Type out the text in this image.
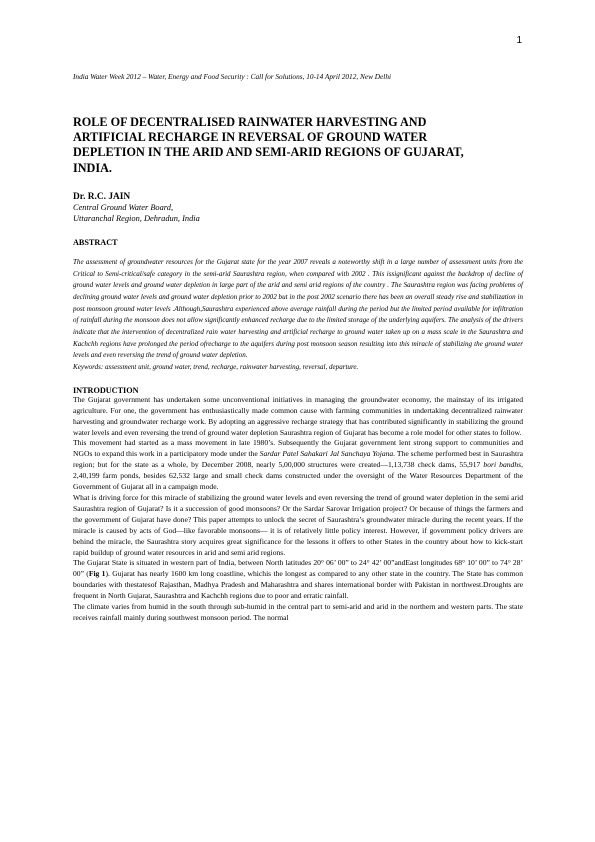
1
India Water Week 2012 – Water, Energy and Food Security : Call for Solutions, 10-14 April 2012, New Delhi
ROLE OF DECENTRALISED RAINWATER HARVESTING AND ARTIFICIAL RECHARGE IN REVERSAL OF GROUND WATER DEPLETION IN THE ARID AND SEMI-ARID REGIONS OF GUJARAT, INDIA.
Dr. R.C. JAIN
Central Ground Water Board,
Uttaranchal Region, Dehradun, India
ABSTRACT
The assessment of groundwater resources for the Gujarat state for the year 2007 reveals a noteworthy shift in a large number of assessment units from the Critical to Semi-critical/safe category in the semi-arid Saurashtra region, when compared with 2002 . This issignificant against the backdrop of decline of ground water levels and ground water depletion in large part of the arid and semi arid regions of the country . The Saurashtra region was facing problems of declining ground water levels and ground water depletion prior to 2002 but in the post 2002 scenario there has been an overall steady rise and stabilization in post monsoon ground water levels .Although,Saurashtra experienced above average rainfall during the period but the limited period available for infiltration of rainfall during the monsoon does not allow significantly enhanced recharge due to the limited storage of the underlying aquifers. The analysis of the drivers indicate that the intervention of decentralized rain water harvesting and artificial recharge to ground water taken up on a mass scale in the Saurashtra and Kachchh regions have prolonged the period ofrecharge to the aquifers during post monsoon season resulting into this miracle of stabilizing the ground water levels and even reversing the trend of ground water depletion.
Keywords: assessment unit, ground water, trend, recharge, rainwater harvesting, reversal, departure.
INTRODUCTION

The Gujarat government has undertaken some unconventional initiatives in managing the groundwater economy, the mainstay of its irrigated agriculture. For one, the government has enthusiastically made common cause with farming communities in undertaking decentralized rainwater harvesting and groundwater recharge work. By adopting an aggressive recharge strategy that has contributed significantly in stabilizing the ground water levels and even reversing the trend of ground water depletion Saurashtra region of Gujarat has become a role model for other states to follow.

This movement had started as a mass movement in late 1980’s. Subsequently the Gujarat government lent strong support to communities and NGOs to expand this work in a participatory mode under the Sardar Patel Sahakari Jal Sanchaya Yojana. The scheme performed best in Saurashtra region; but for the state as a whole, by December 2008, nearly 5,00,000 structures were created—1,13,738 check dams, 55,917 bori bandhs, 2,40,199 farm ponds, besides 62,532 large and small check dams constructed under the oversight of the Water Resources Department of the Government of Gujarat all in a campaign mode.

What is driving force for this miracle of stabilizing the ground water levels and even reversing the trend of ground water depletion in the semi arid Saurashtra region of Gujarat? Is it a succession of good monsoons? Or the Sardar Sarovar Irrigation project? Or because of things the farmers and the government of Gujarat have done? This paper attempts to unlock the secret of Saurashtra’s groundwater miracle during the recent years. If the miracle is caused by acts of God—like favorable monsoons— it is of relatively little policy interest. However, if government policy drivers are behind the miracle, the Saurashtra story acquires great significance for the lessons it offers to other States in the country about how to kick-start rapid buildup of ground water resources in arid and semi arid regions.

The Gujarat State is situated in western part of India, between North latitudes 20° 06’ 00” to 24° 42’ 00”andEast longitudes 68° 10’ 00” to 74° 28’ 00” (Fig 1). Gujarat has nearly 1600 km long coastline, whichis the longest as compared to any other state in the country. The State has common boundaries with thestatesof Rajasthan, Madhya Pradesh and Maharashtra and shares international border with Pakistan in northwest.Droughts are frequent in North Gujarat, Saurashtra and Kachchh regions due to poor and erratic rainfall.

The climate varies from humid in the south through sub-humid in the central part to semi-arid and arid in the northern and western parts. The state receives rainfall mainly during southwest monsoon period. The normal
